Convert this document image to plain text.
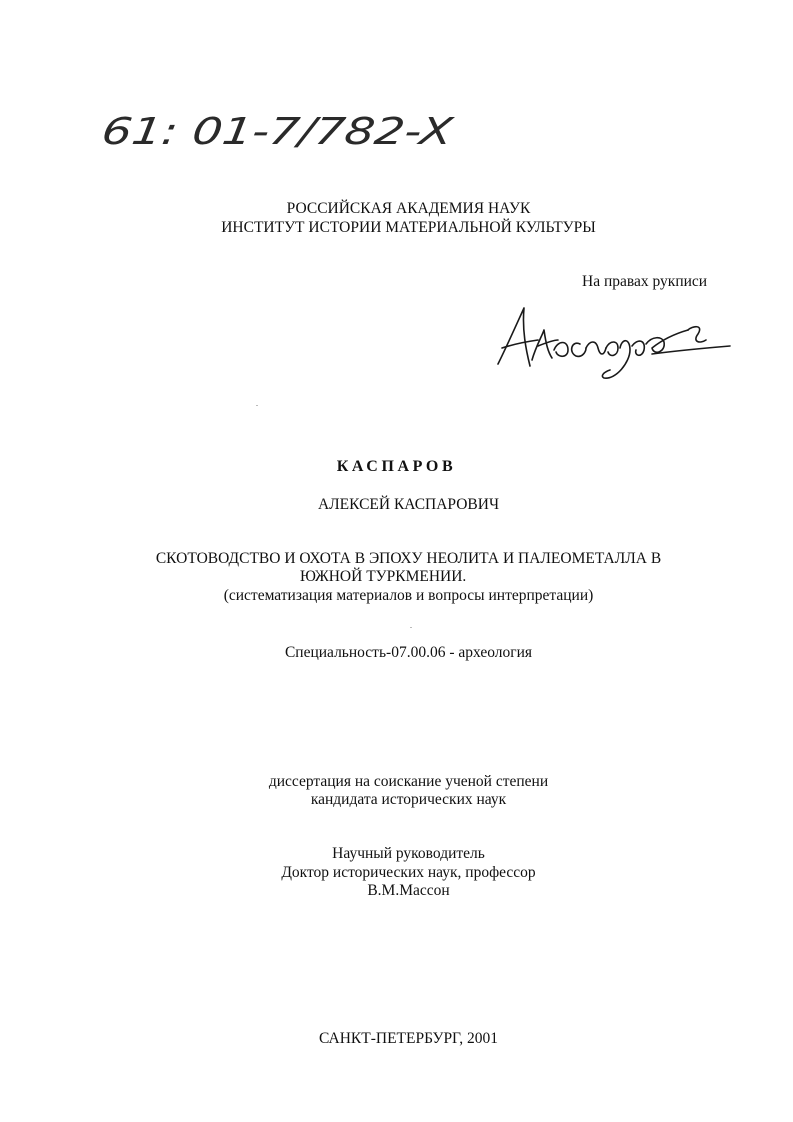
61: 01-7/782-X
РОССИЙСКАЯ АКАДЕМИЯ НАУК
ИНСТИТУТ ИСТОРИИ МАТЕРИАЛЬНОЙ КУЛЬТУРЫ
На правах рукписи
КАСПАРОВ
АЛЕКСЕЙ КАСПАРОВИЧ
СКОТОВОДСТВО И ОХОТА В ЭПОХУ НЕОЛИТА И ПАЛЕОМЕТАЛЛА В
ЮЖНОЙ ТУРКМЕНИИ.
(систематизация материалов и вопросы интерпретации)
Специальность-07.00.06 - археология
диссертация на соискание ученой степени
кандидата исторических наук
Научный руководитель
Доктор исторических наук, профессор
В.М.Массон
САНКТ-ПЕТЕРБУРГ, 2001
